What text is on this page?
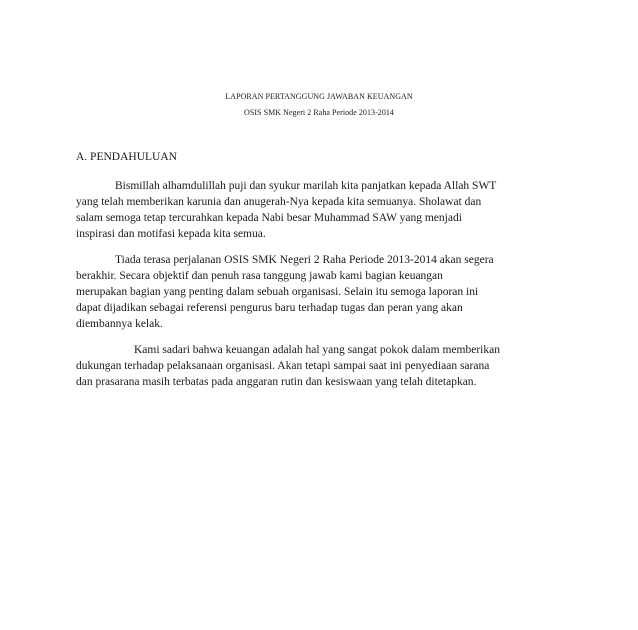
LAPORAN PERTANGGUNG JAWABAN KEUANGAN
OSIS SMK Negeri 2 Raha Periode 2013-2014
A. PENDAHULUAN
Bismillah alhamdulillah puji dan syukur marilah kita panjatkan kepada Allah SWT
yang telah memberikan karunia dan anugerah-Nya kepada kita semuanya. Sholawat dan
salam semoga tetap tercurahkan kepada Nabi besar Muhammad SAW yang menjadi
inspirasi dan motifasi kepada kita semua.
Tiada terasa perjalanan OSIS SMK Negeri 2 Raha Periode 2013-2014 akan segera
berakhir. Secara objektif dan penuh rasa tanggung jawab kami bagian keuangan
merupakan bagian yang penting dalam sebuah organisasi. Selain itu semoga laporan ini
dapat dijadikan sebagai referensi pengurus baru terhadap tugas dan peran yang akan
diembannya kelak.
Kami sadari bahwa keuangan adalah hal yang sangat pokok dalam memberikan
dukungan terhadap pelaksanaan organisasi. Akan tetapi sampai saat ini penyediaan sarana
dan prasarana masih terbatas pada anggaran rutin dan kesiswaan yang telah ditetapkan.
